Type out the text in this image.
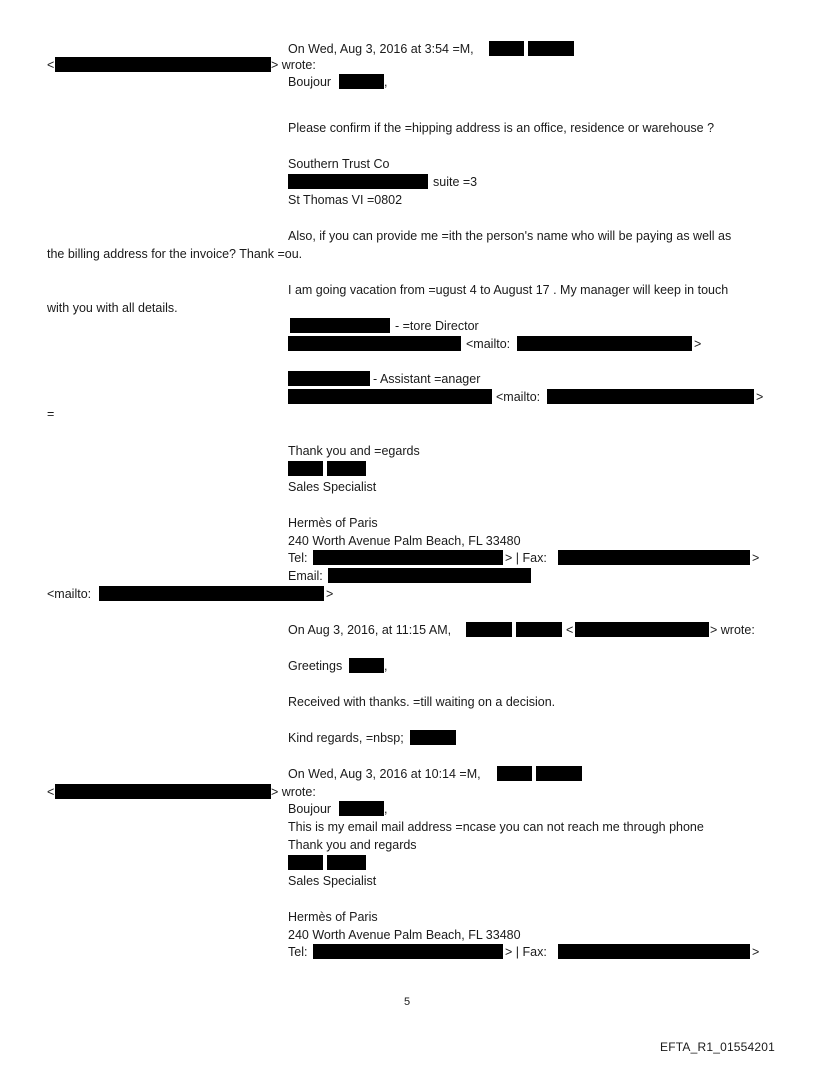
On Wed, Aug 3, 2016 at 3:54 =M,
<	> wrote:
Boujour	,
Please confirm if the =hipping address is an office, residence or warehouse ?
Southern Trust Co
suite =3
St Thomas VI =0802
Also, if you can provide me =ith the person's name who will be paying as well as
the billing address for the invoice? Thank =ou.
I am going vacation from =ugust 4 to August 17 . My manager will keep in touch
with you with all details.
- =tore Director
<mailto:	>
- Assistant =anager
<mailto:	>
=
Thank you and =egards
Sales Specialist
Hermès of Paris
240 Worth Avenue Palm Beach, FL 33480
Tel:	> | Fax:	>
Email:
<mailto:	>
On Aug 3, 2016, at 11:15 AM,	<	> wrote:
Greetings	,
Received with thanks. =till waiting on a decision.
Kind regards, =nbsp;
On Wed, Aug 3, 2016 at 10:14 =M,
<	> wrote:
Boujour	,
This is my email mail address =ncase you can not reach me through phone
Thank you and regards
Sales Specialist
Hermès of Paris
240 Worth Avenue Palm Beach, FL 33480
Tel:	> | Fax:	>
5
EFTA_R1_01554201
